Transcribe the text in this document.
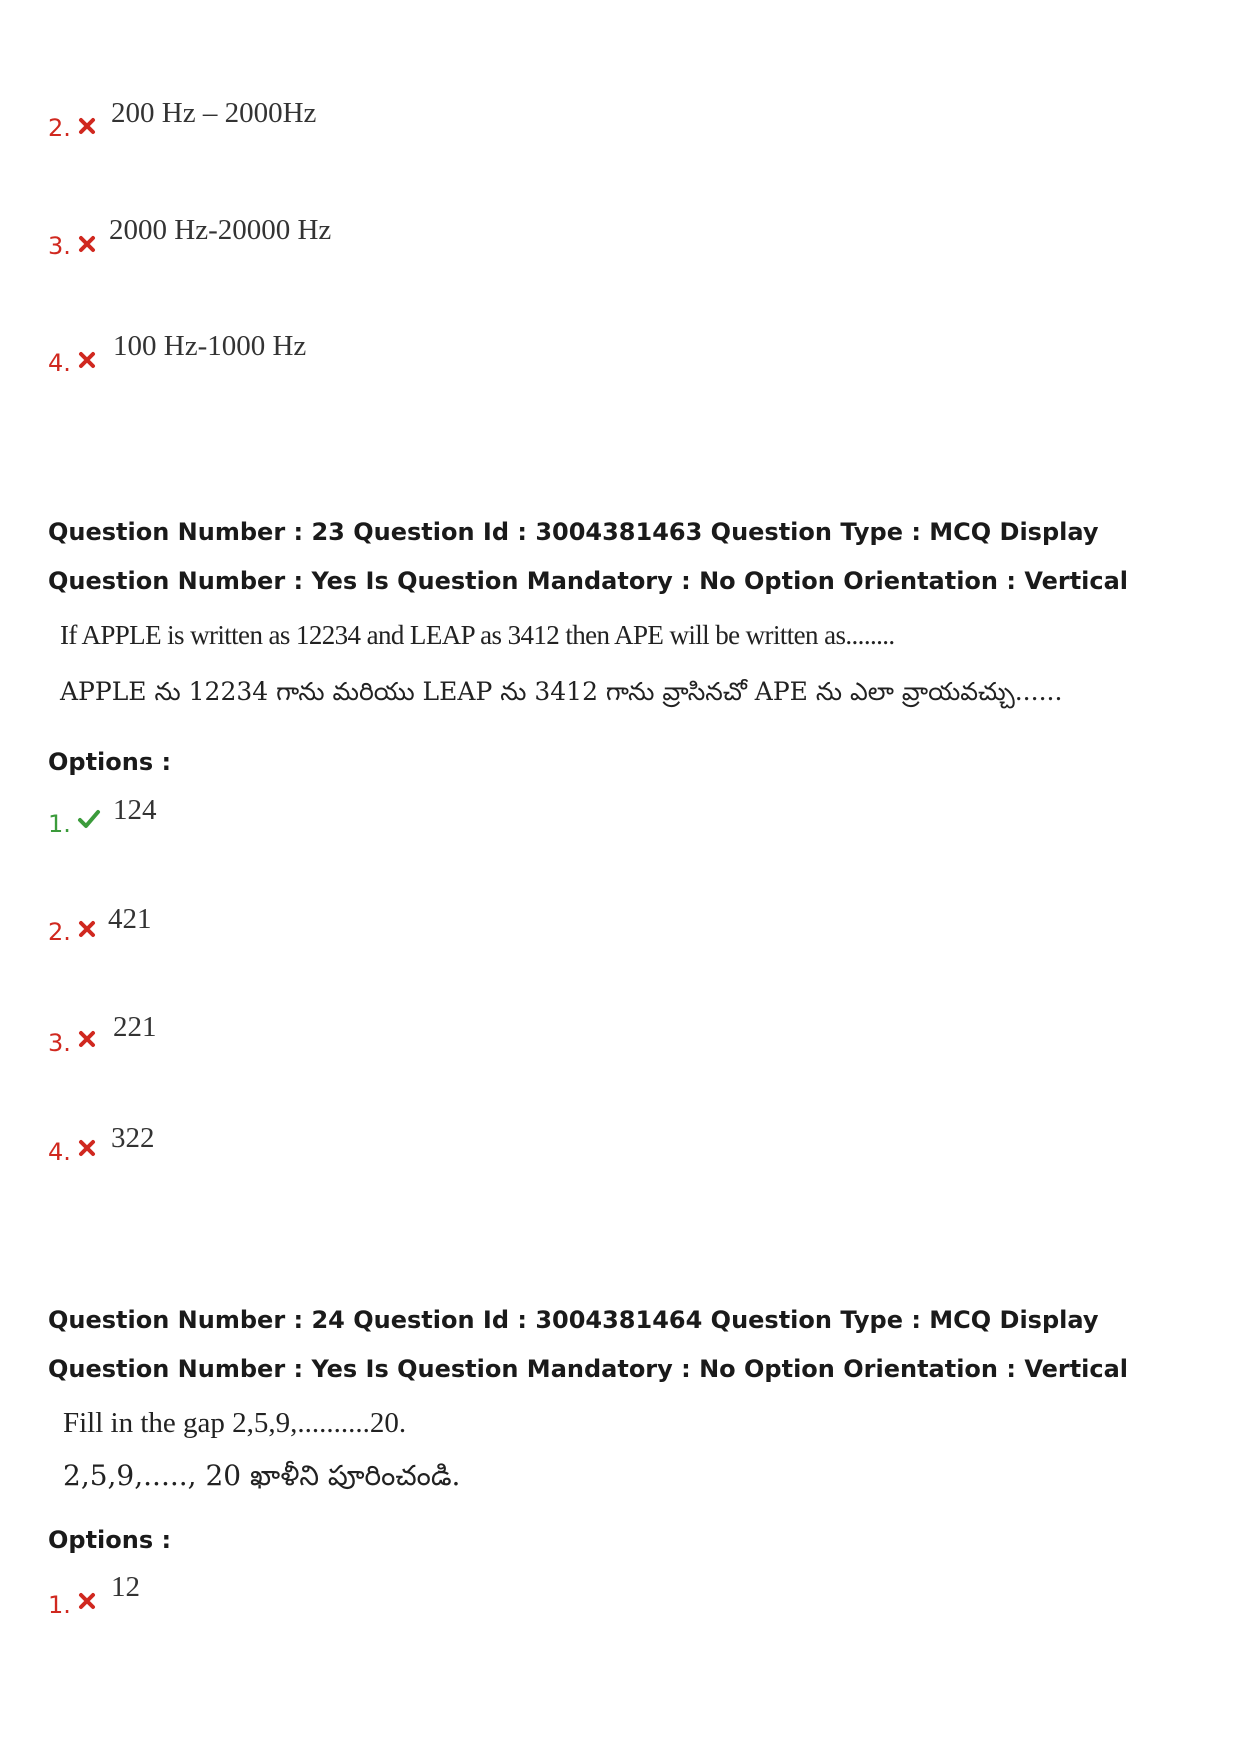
2. 200 Hz – 2000Hz
3. 2000 Hz-20000 Hz
4.
100 Hz-1000 Hz
Question Number : 23 Question Id : 3004381463 Question Type : MCQ Display Question Number : Yes Is Question Mandatory : No Option Orientation : Vertical
If APPLE is written as 12234 and LEAP as 3412 then APE will be written as........
APPLE ను 12234 గాను మరియు LEAP ను 3412 గాను వ్రాసినచో APE ను ఎలా వ్రాయవచ్చు......
Options :
1. 124
2. 421
3. 221
4. 322
Question Number : 24 Question Id : 3004381464 Question Type : MCQ Display Question Number : Yes Is Question Mandatory : No Option Orientation : Vertical
Fill in the gap 2,5,9,..........20.
2,5,9,....., 20 ఖాళీని పూరించండి.
Options :
1.
12
